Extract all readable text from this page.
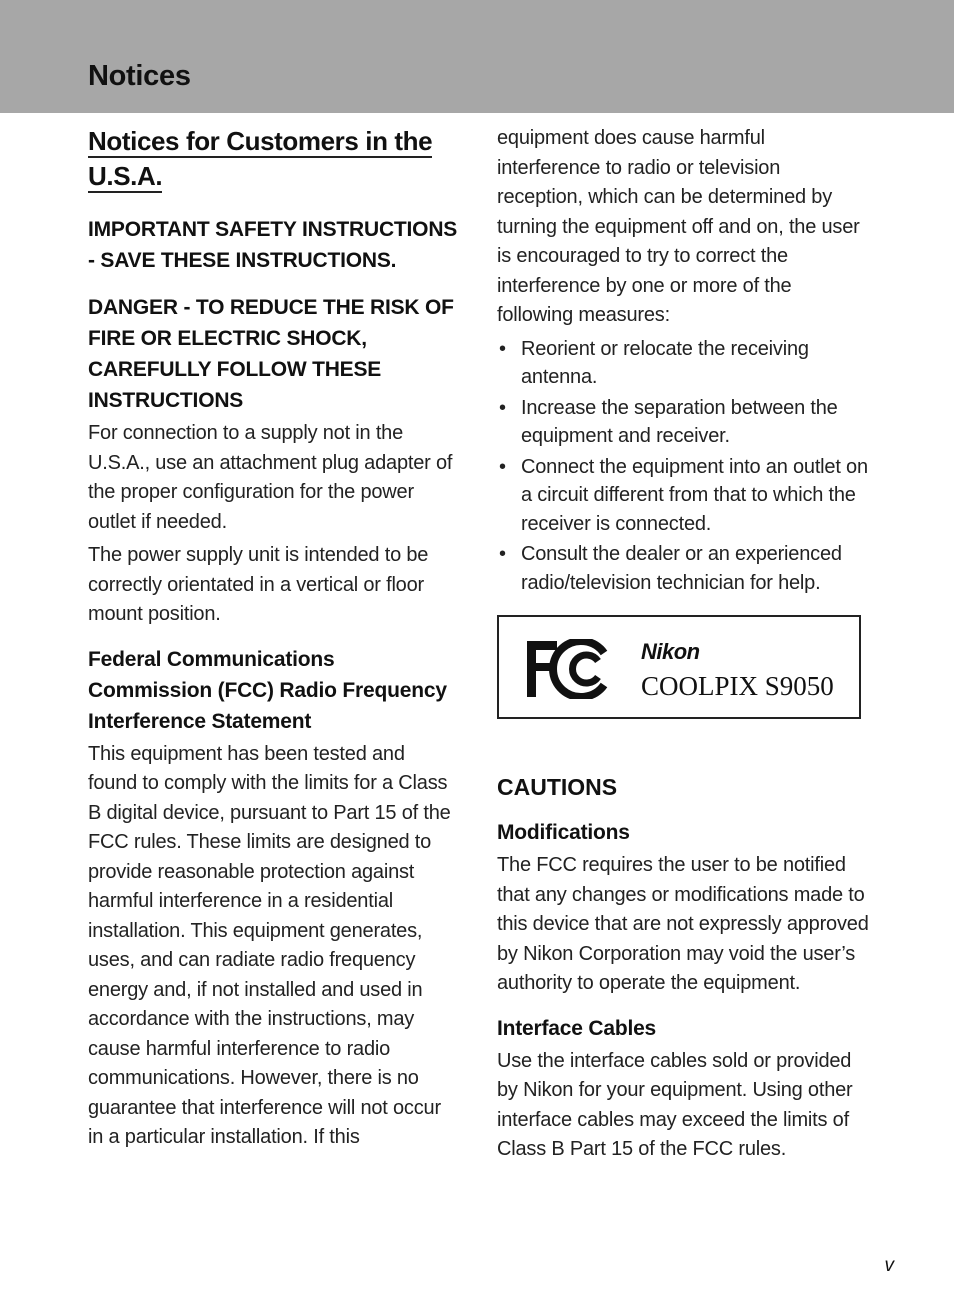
Notices
Notices for Customers in the
U.S.A.
IMPORTANT SAFETY INSTRUCTIONS - SAVE THESE INSTRUCTIONS.
DANGER - TO REDUCE THE RISK OF FIRE OR ELECTRIC SHOCK, CAREFULLY FOLLOW THESE INSTRUCTIONS

For connection to a supply not in the U.S.A., use an attachment plug adapter of the proper configuration for the power outlet if needed.

The power supply unit is intended to be correctly orientated in a vertical or floor mount position.

Federal Communications Commission (FCC) Radio Frequency Interference Statement

This equipment has been tested and found to comply with the limits for a Class B digital device, pursuant to Part 15 of the FCC rules. These limits are designed to provide reasonable protection against harmful interference in a residential installation. This equipment generates, uses, and can radiate radio frequency energy and, if not installed and used in accordance with the instructions, may cause harmful interference to radio communications. However, there is no guarantee that interference will not occur in a particular installation. If this

equipment does cause harmful interference to radio or television reception, which can be determined by turning the equipment off and on, the user is encouraged to try to correct the interference by one or more of the following measures:

• Reorient or relocate the receiving antenna.
• Increase the separation between the equipment and receiver.
• Connect the equipment into an outlet on a circuit different from that to which the receiver is connected.
• Consult the dealer or an experienced radio/television technician for help.
Nikon
COOLPIX S9050
CAUTIONS
Modifications

The FCC requires the user to be notified that any changes or modifications made to this device that are not expressly approved by Nikon Corporation may void the user’s authority to operate the equipment.

Interface Cables

Use the interface cables sold or provided by Nikon for your equipment. Using other interface cables may exceed the limits of Class B Part 15 of the FCC rules.

v
